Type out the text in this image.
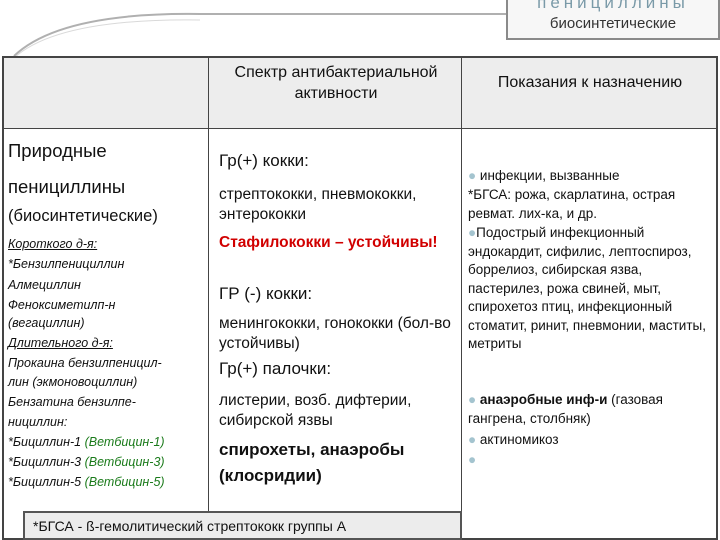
пенициллины
биосинтетические
Спектр антибактериальной активности
Показания к назначению
Природные
пенициллины
(биосинтетические)
Короткого д-я:
*Бензилпенициллин
Алмециллин
Феноксиметилп-н
(вегациллин)
Длительного д-я:
Прокаина бензилпеницил-
лин (экмоновоциллин)
Бензатина бензилпе-
нициллин:
*Бициллин-1 (Ветбицин-1)
*Бициллин-3 (Ветбицин-3)
*Бициллин-5 (Ветбицин-5)
Гр(+) кокки:
стрептококки, пневмококки, энтерококки
Стафилококки – устойчивы!
ГР (-) кокки:
менингококки, гонококки (бол-во устойчивы)
Гр(+) палочки:
листерии, возб. дифтерии, сибирской язвы
спирохеты, анаэробы (клосридии)
● инфекции, вызванные
*БГСА: рожа, скарлатина, острая ревмат. лих-ка, и др.
●Подострый инфекционный эндокардит, сифилис, лептоспироз, боррелиоз, сибирская язва, пастерилез, рожа свиней, мыт, спирохетоз птиц, инфекционный стоматит, ринит, пневмонии, маститы, метриты
● анаэробные инф-и (газовая гангрена, столбняк)
● актиномикоз
●
*БГСА - ß-гемолитический стрептококк группы А
